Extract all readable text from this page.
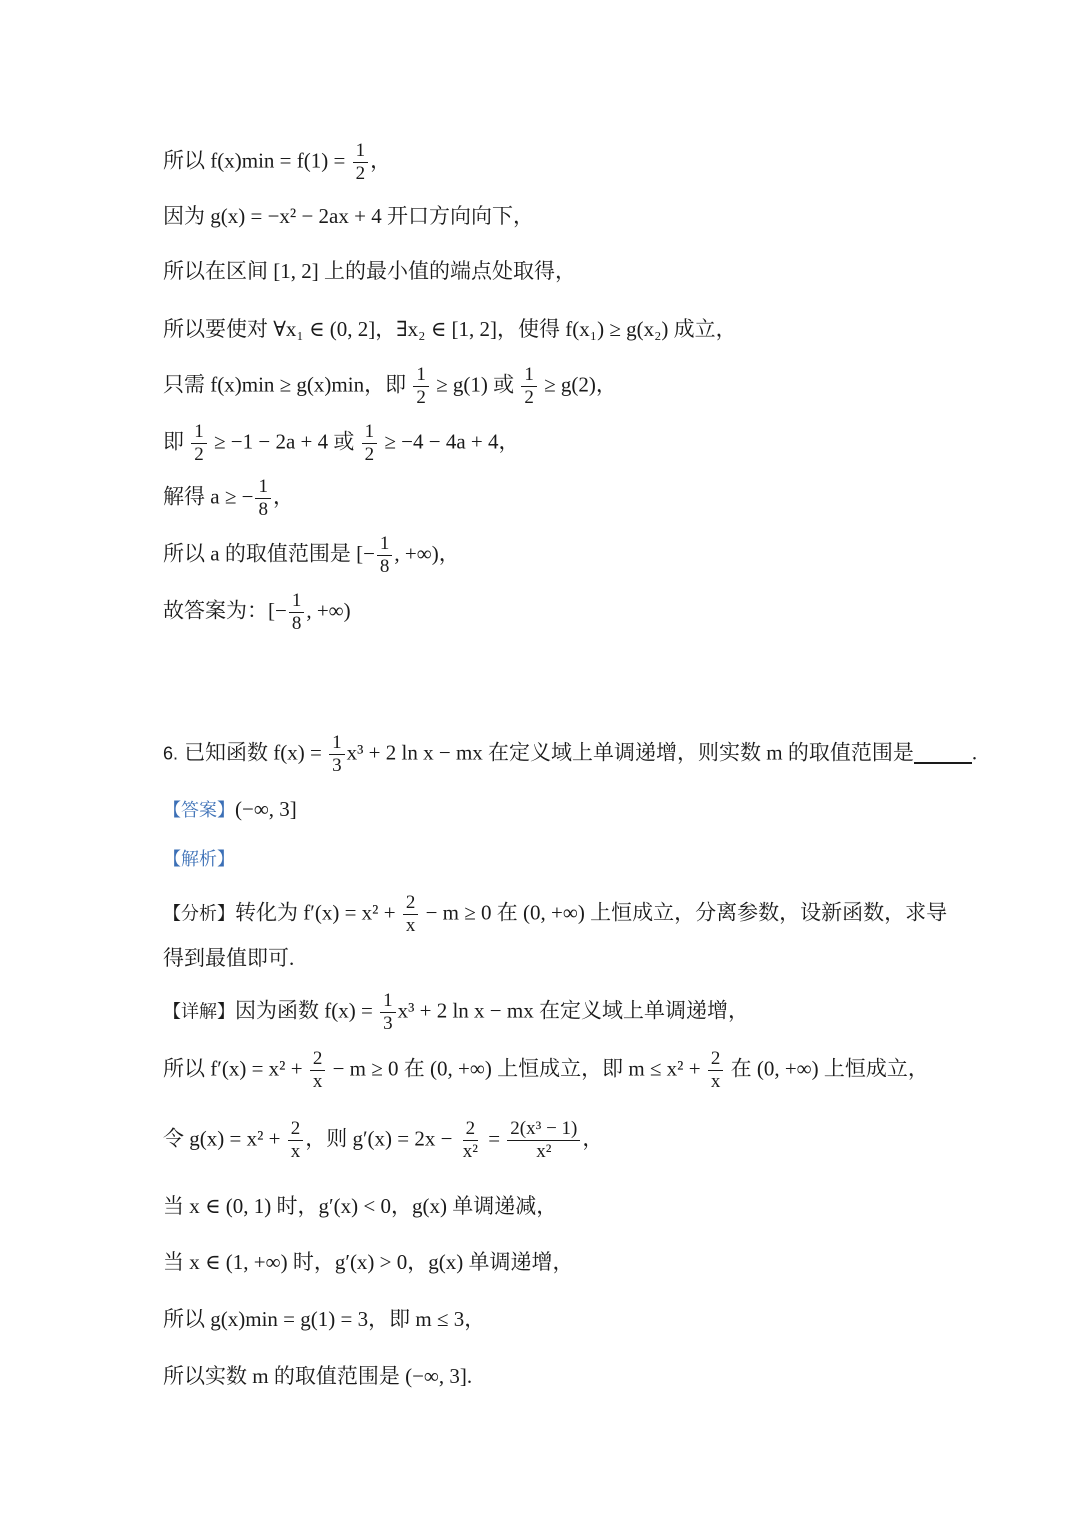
所以 $f(x)\min = f(1) = \frac{1}{2}$ ，
因为 g(x) = −x² − 2ax + 4 开口方向向下，
所以在区间 [1, 2] 上的最小值的端点处取得，
所以要使对 ∀x₁ ∈ (0, 2]，∃x₂ ∈ [1, 2]，使得 f(x₁) ≥ g(x₂) 成立，
只需 f(x)min ≥ g(x)min，即 $\frac{1}{2} \ge g(1)$ 或 $\frac{1}{2} \ge g(2)$，
即 $\frac{1}{2} \ge -1 - 2a + 4$ 或 $\frac{1}{2} \ge -4 - 4a + 4$，
解得 a ≥ − $\frac{1}{8}$ ，
所以 a 的取值范围是 [− $\frac{1}{8}$ , +∞)，
故答案为：[− $\frac{1}{8}$ , +∞)
6. 已知函数 $f(x) = \frac{1}{3} x^3 + 2$ ln x − mx 在定义域上单调递增，则实数 m 的取值范围是	.
【答案】(−∞, 3]
【解析】
【分析】转化为 $f'(x) = x^2 + \frac{2}{x} - m \ge 0$ 在 (0, +∞) 上恒成立，分离参数，设新函数，求导
得到最值即可.
【详解】因为函数 $f(x) = \frac{1}{3} x^3 + 2$ ln x − mx 在定义域上单调递增，
所以 $f'(x) = x^2 + \frac{2}{x} - m \ge 0$ 在 (0, +∞) 上恒成立，即 $m \le x^2 + \frac{2}{x}$ 在 (0, +∞) 上恒成立，
令 $g(x) = x^2 + \frac{2}{x}$ ，则 $g'(x) = 2x - \frac{2}{\text{x²}} = \frac{\text{2(x³ − 1)}}{\text{x²}}$ ，
当 x ∈ (0, 1) 时，g′(x) < 0，g(x) 单调递减，
当 x ∈ (1, +∞) 时，g′(x) > 0，g(x) 单调递增，
所以 g(x)min = g(1) = 3，即 m ≤ 3，
所以实数 m 的取值范围是 (−∞, 3].
